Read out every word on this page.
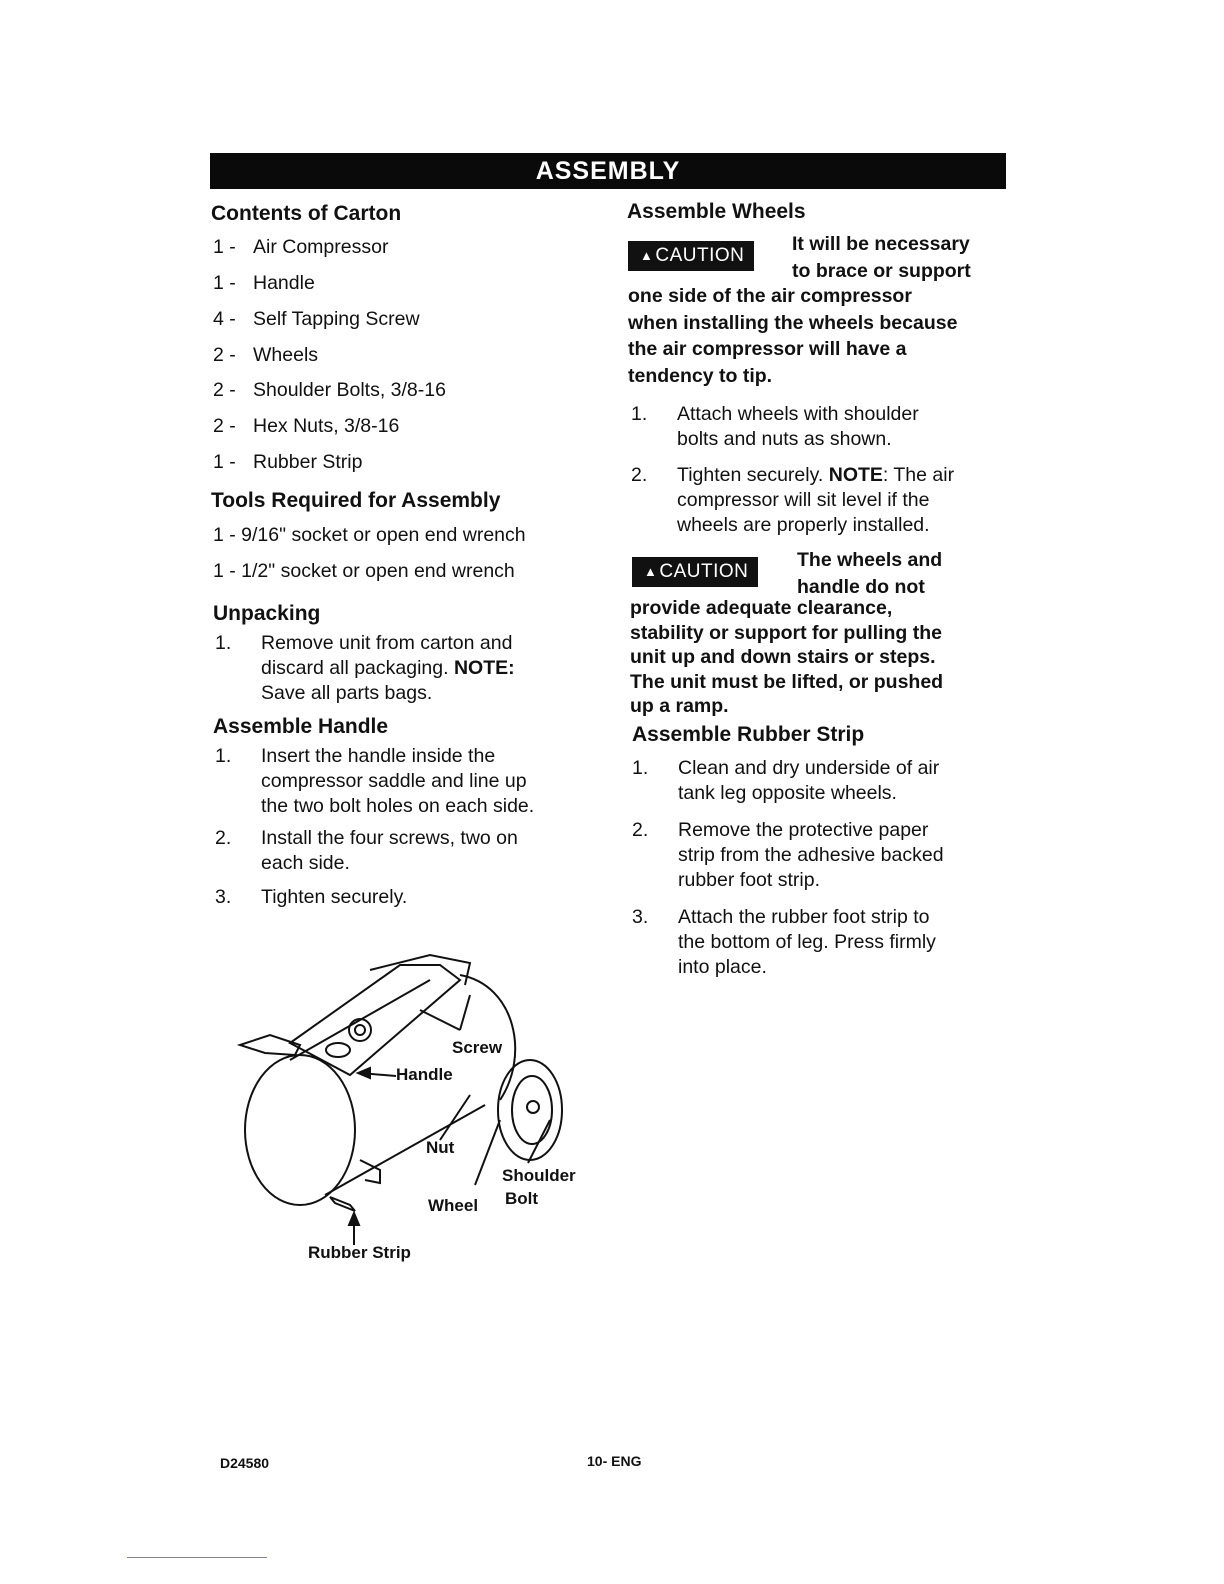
ASSEMBLY
Contents of Carton
1 - Air Compressor
1 - Handle
4 - Self Tapping Screw
2 - Wheels
2 - Shoulder Bolts, 3/8-16
2 - Hex Nuts, 3/8-16
1 - Rubber Strip
Tools Required for Assembly
1 - 9/16" socket or open end wrench
1 - 1/2" socket or open end wrench
Unpacking
1. Remove unit from carton and
discard all packaging. NOTE:
Save all parts bags.
Assemble Handle
1. Insert the handle inside the
compressor saddle and line up
the two bolt holes on each side.
2. Install the four screws, two on
each side.
3. Tighten securely.
Screw
Handle
Nut
Shoulder
Bolt
Wheel
Rubber Strip
Assemble Wheels
▲ CAUTION
It will be necessary
to brace or support
one side of the air compressor
when installing the wheels because
the air compressor will have a
tendency to tip.
1. Attach wheels with shoulder
bolts and nuts as shown.
2. Tighten securely. NOTE: The air
compressor will sit level if the
wheels are properly installed.
▲ CAUTION
The wheels and
handle do not
provide adequate clearance,
stability or support for pulling the
unit up and down stairs or steps.
The unit must be lifted, or pushed
up a ramp.
Assemble Rubber Strip
1. Clean and dry underside of air
tank leg opposite wheels.
2. Remove the protective paper
strip from the adhesive backed
rubber foot strip.
3. Attach the rubber foot strip to
the bottom of leg. Press firmly
into place.
D24580	10- ENG
